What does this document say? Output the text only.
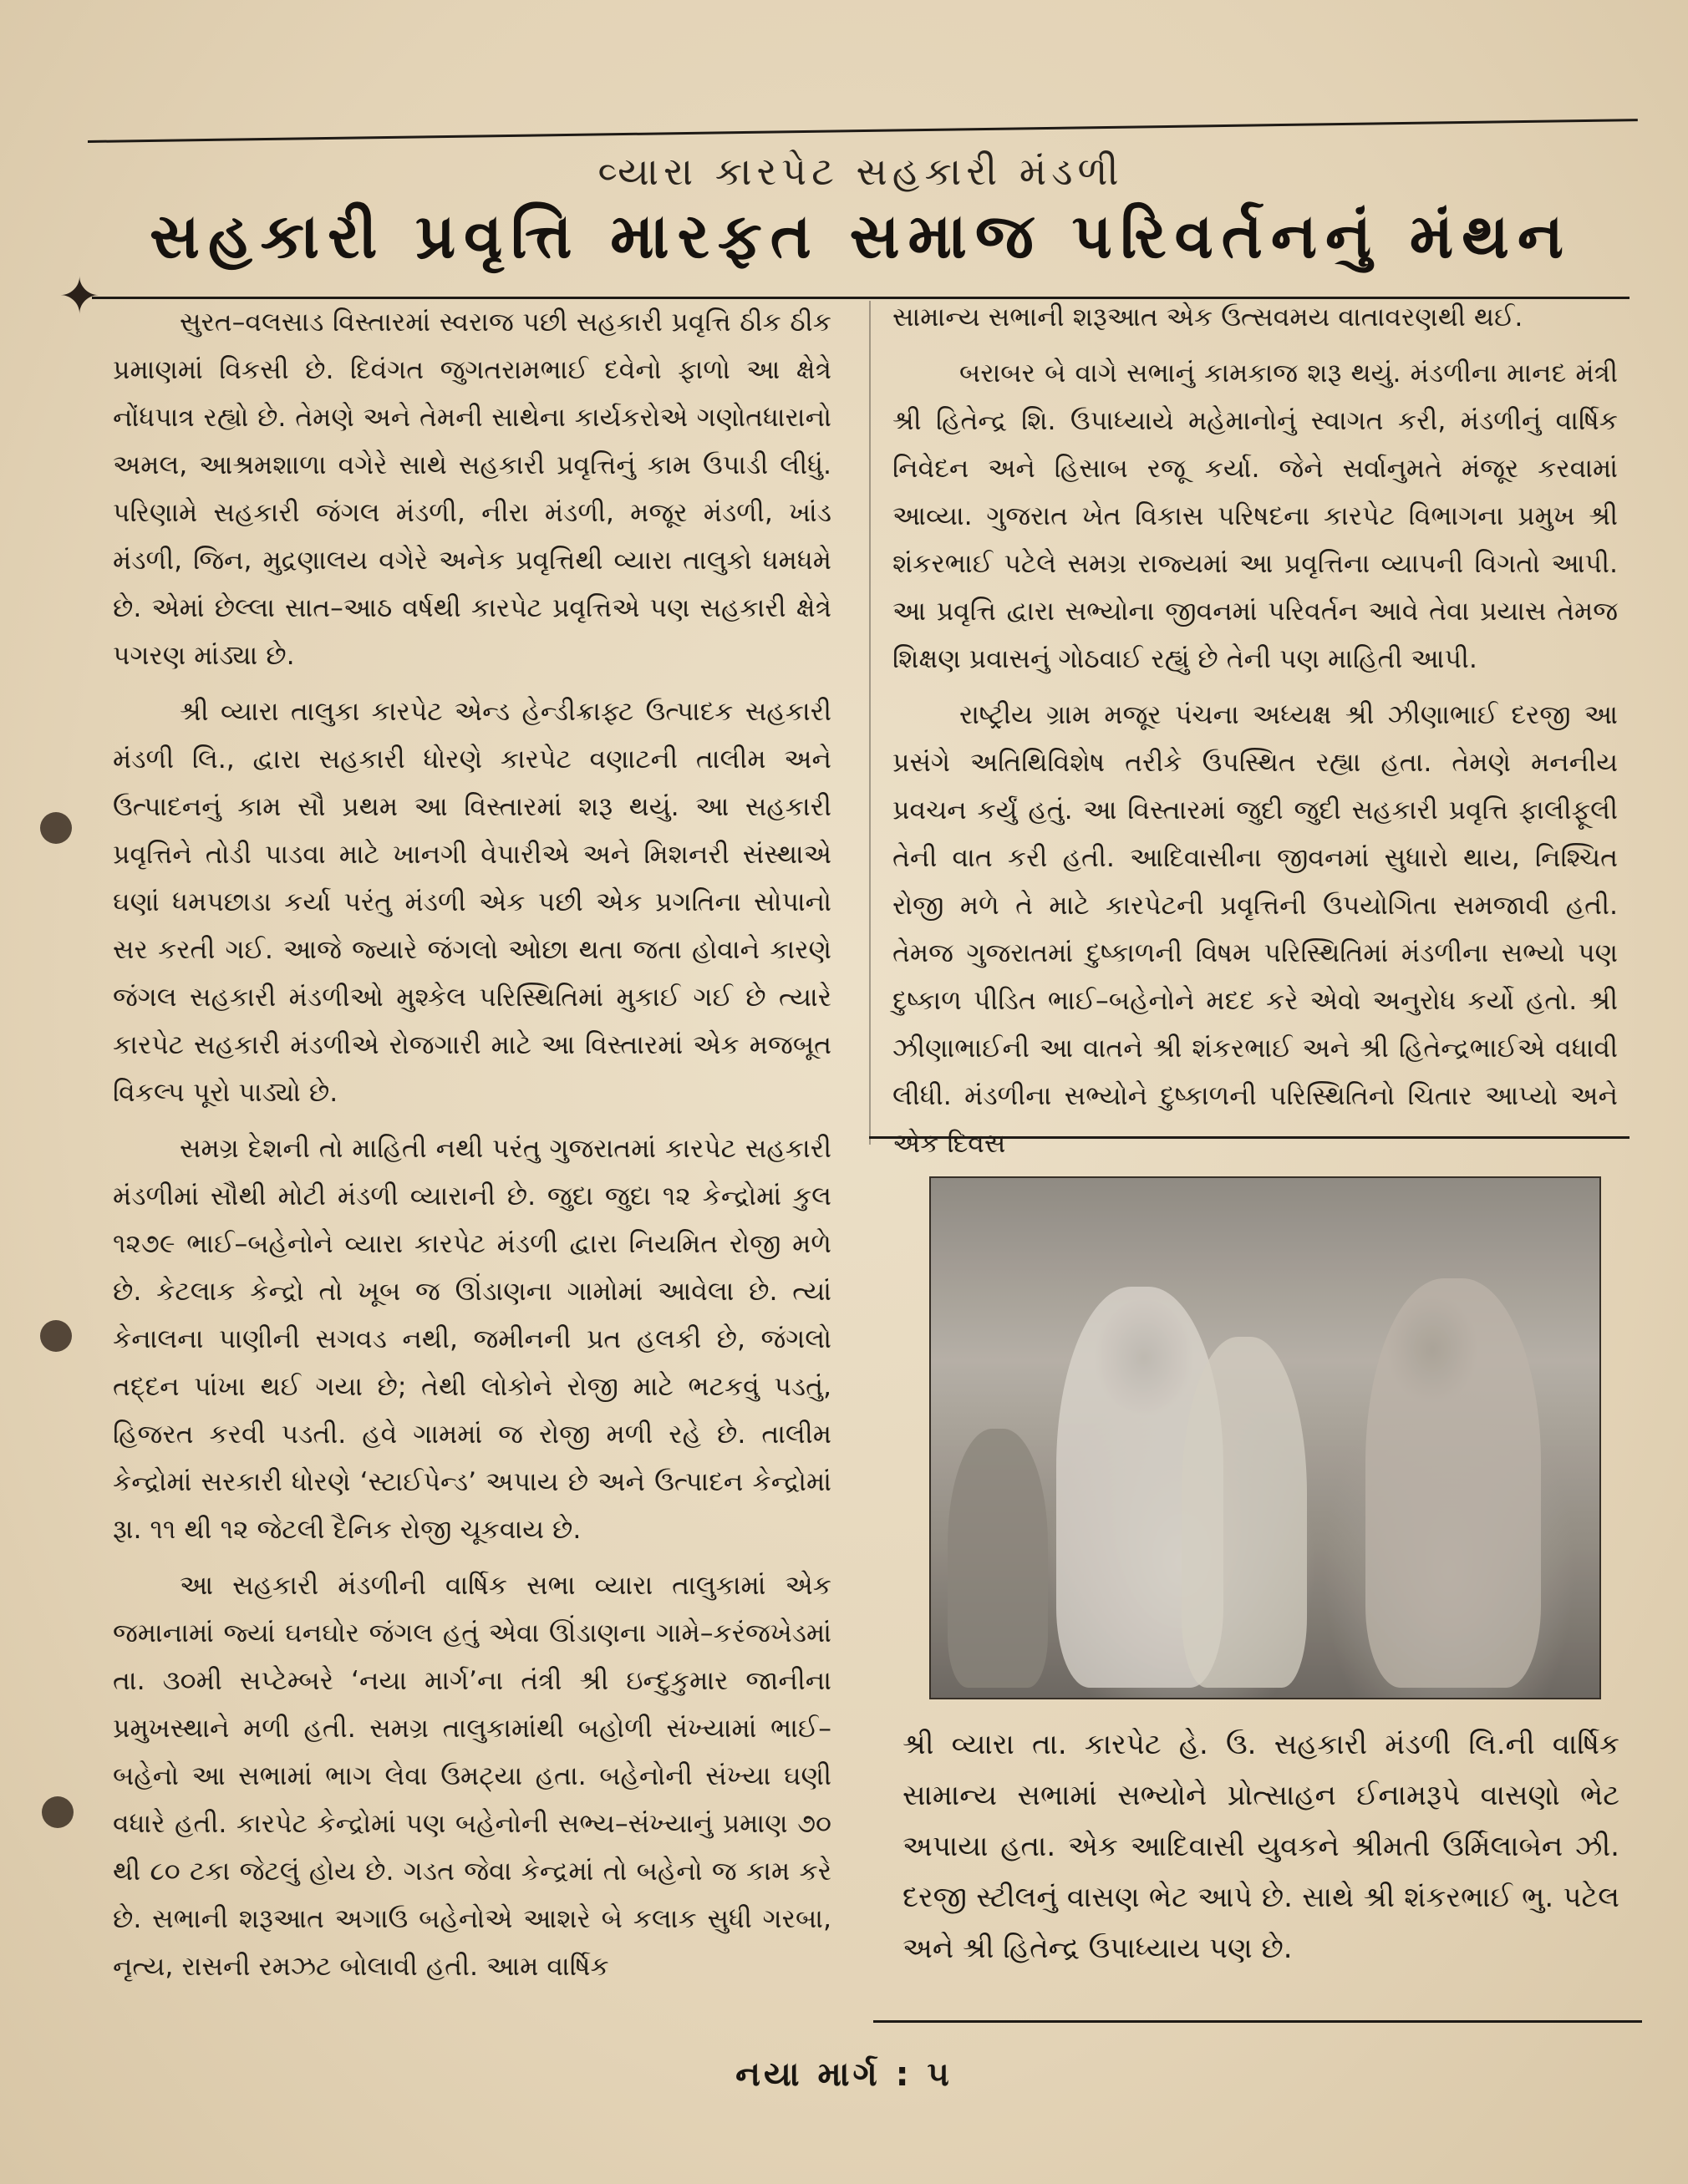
✦
વ્યારા કારપેટ સહકારી મંડળી
સહકારી પ્રવૃત્તિ મારફત સમાજ પરિવર્તનનું મંથન

સુરત–વલસાડ વિસ્તારમાં સ્વરાજ પછી સહકારી પ્રવૃત્તિ ઠીક ઠીક પ્રમાણમાં વિકસી છે. દિવંગત જુગતરામભાઈ દવેનો ફાળો આ ક્ષેત્રે નોંધપાત્ર રહ્યો છે. તેમણે અને તેમની સાથેના કાર્યકરોએ ગણોતધારાનો અમલ, આશ્રમશાળા વગેરે સાથે સહકારી પ્રવૃત્તિનું કામ ઉપાડી લીધું. પરિણામે સહકારી જંગલ મંડળી, નીરા મંડળી, મજૂર મંડળી, ખાંડ મંડળી, જિન, મુદ્રણાલય વગેરે અનેક પ્રવૃત્તિથી વ્યારા તાલુકો ધમધમે છે. એમાં છેલ્લા સાત–આઠ વર્ષથી કારપેટ પ્રવૃત્તિએ પણ સહકારી ક્ષેત્રે પગરણ માંડ્યા છે.

શ્રી વ્યારા તાલુકા કારપેટ એન્ડ હેન્ડીક્રાફ્ટ ઉત્પાદક સહકારી મંડળી લિ., દ્વારા સહકારી ધોરણે કારપેટ વણાટની તાલીમ અને ઉત્પાદનનું કામ સૌ પ્રથમ આ વિસ્તારમાં શરૂ થયું. આ સહકારી પ્રવૃત્તિને તોડી પાડવા માટે ખાનગી વેપારીએ અને મિશનરી સંસ્થાએ ઘણાં ધમપછાડા કર્યા પરંતુ મંડળી એક પછી એક પ્રગતિના સોપાનો સર કરતી ગઈ. આજે જ્યારે જંગલો ઓછા થતા જતા હોવાને કારણે જંગલ સહકારી મંડળીઓ મુશ્કેલ પરિસ્થિતિમાં મુકાઈ ગઈ છે ત્યારે કારપેટ સહકારી મંડળીએ રોજગારી માટે આ વિસ્તારમાં એક મજબૂત વિકલ્પ પૂરો પાડ્યો છે.

સમગ્ર દેશની તો માહિતી નથી પરંતુ ગુજરાતમાં કારપેટ સહકારી મંડળીમાં સૌથી મોટી મંડળી વ્યારાની છે. જુદા જુદા ૧૨ કેન્દ્રોમાં કુલ ૧૨૭૯ ભાઈ–બહેનોને વ્યારા કારપેટ મંડળી દ્વારા નિયમિત રોજી મળે છે. કેટલાક કેન્દ્રો તો ખૂબ જ ઊંડાણના ગામોમાં આવેલા છે. ત્યાં કેનાલના પાણીની સગવડ નથી, જમીનની પ્રત હલકી છે, જંગલો તદ્દન પાંખા થઈ ગયા છે; તેથી લોકોને રોજી માટે ભટકવું પડતું, હિજરત કરવી પડતી. હવે ગામમાં જ રોજી મળી રહે છે. તાલીમ કેન્દ્રોમાં સરકારી ધોરણે ‘સ્ટાઈપેન્ડ’ અપાય છે અને ઉત્પાદન કેન્દ્રોમાં રૂા. ૧૧ થી ૧૨ જેટલી દૈનિક રોજી ચૂકવાય છે.

આ સહકારી મંડળીની વાર્ષિક સભા વ્યારા તાલુકામાં એક જમાનામાં જ્યાં ઘનઘોર જંગલ હતું એવા ઊંડાણના ગામે–કરંજખેડમાં તા. ૩૦મી સપ્ટેમ્બરે ‘નયા માર્ગ’ના તંત્રી શ્રી ઇન્દુકુમાર જાનીના પ્રમુખસ્થાને મળી હતી. સમગ્ર તાલુકામાંથી બહોળી સંખ્યામાં ભાઈ–બહેનો આ સભામાં ભાગ લેવા ઉમટ્યા હતા. બહેનોની સંખ્યા ઘણી વધારે હતી. કારપેટ કેન્દ્રોમાં પણ બહેનોની સભ્ય–સંખ્યાનું પ્રમાણ ૭૦ થી ૮૦ ટકા જેટલું હોય છે. ગડત જેવા કેન્દ્રમાં તો બહેનો જ કામ કરે છે. સભાની શરૂઆત અગાઉ બહેનોએ આશરે બે કલાક સુધી ગરબા, નૃત્ય, રાસની રમઝટ બોલાવી હતી. આમ વાર્ષિક

સામાન્ય સભાની શરૂઆત એક ઉત્સવમય વાતાવરણથી થઈ.

બરાબર બે વાગે સભાનું કામકાજ શરૂ થયું. મંડળીના માનદ મંત્રી શ્રી હિતેન્દ્ર શિ. ઉપાધ્યાયે મહેમાનોનું સ્વાગત કરી, મંડળીનું વાર્ષિક નિવેદન અને હિસાબ રજૂ કર્યા. જેને સર્વાનુમતે મંજૂર કરવામાં આવ્યા. ગુજરાત ખેત વિકાસ પરિષદના કારપેટ વિભાગના પ્રમુખ શ્રી શંકરભાઈ પટેલે સમગ્ર રાજ્યમાં આ પ્રવૃત્તિના વ્યાપની વિગતો આપી. આ પ્રવૃત્તિ દ્વારા સભ્યોના જીવનમાં પરિવર્તન આવે તેવા પ્રયાસ તેમજ શિક્ષણ પ્રવાસનું ગોઠવાઈ રહ્યું છે તેની પણ માહિતી આપી.

રાષ્ટ્રીય ગ્રામ મજૂર પંચના અધ્યક્ષ શ્રી ઝીણાભાઈ દરજી આ પ્રસંગે અતિથિવિશેષ તરીકે ઉપસ્થિત રહ્યા હતા. તેમણે મનનીય પ્રવચન કર્યું હતું. આ વિસ્તારમાં જુદી જુદી સહકારી પ્રવૃત્તિ ફાલીફૂલી તેની વાત કરી હતી. આદિવાસીના જીવનમાં સુધારો થાય, નિશ્ચિત રોજી મળે તે માટે કારપેટની પ્રવૃત્તિની ઉપયોગિતા સમજાવી હતી. તેમજ ગુજરાતમાં દુષ્કાળની વિષમ પરિસ્થિતિમાં મંડળીના સભ્યો પણ દુષ્કાળ પીડિત ભાઈ–બહેનોને મદદ કરે એવો અનુરોધ કર્યો હતો. શ્રી ઝીણાભાઈની આ વાતને શ્રી શંકરભાઈ અને શ્રી હિતેન્દ્રભાઈએ વધાવી લીધી. મંડળીના સભ્યોને દુષ્કાળની પરિસ્થિતિનો ચિતાર આપ્યો અને એક દિવસ

શ્રી વ્યારા તા. કારપેટ હે. ઉ. સહકારી મંડળી લિ.ની વાર્ષિક સામાન્ય સભામાં સભ્યોને પ્રોત્સાહન ઈનામરૂપે વાસણો ભેટ અપાયા હતા. એક આદિવાસી યુવકને શ્રીમતી ઉર્મિલાબેન ઝી. દરજી સ્ટીલનું વાસણ ભેટ આપે છે. સાથે શ્રી શંકરભાઈ ભુ. પટેલ અને શ્રી હિતેન્દ્ર ઉપાધ્યાય પણ છે.
નયા માર્ગ : ૫
